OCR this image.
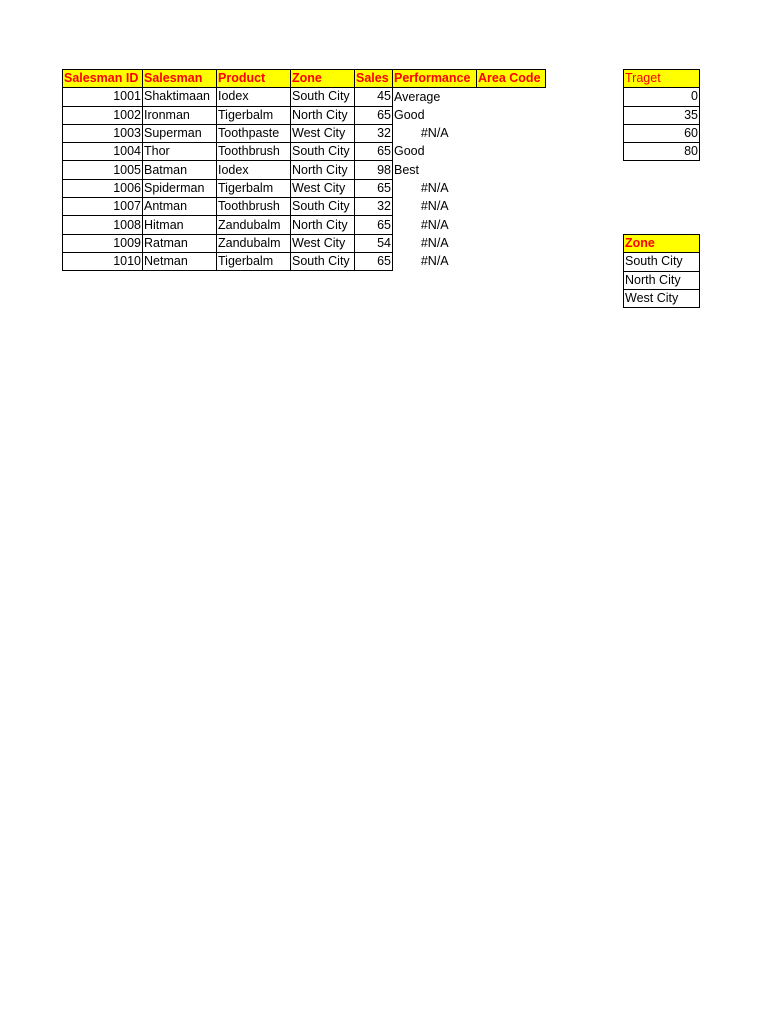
Salesman ID	Salesman	Product	Zone	Sales	Performance	Area Code
1001	Shaktimaan	Iodex	South City	45	Average	
1002	Ironman	Tigerbalm	North City	65	Good	
1003	Superman	Toothpaste	West City	32	#N/A	
1004	Thor	Toothbrush	South City	65	Good	
1005	Batman	Iodex	North City	98	Best	
1006	Spiderman	Tigerbalm	West City	65	#N/A	
1007	Antman	Toothbrush	South City	32	#N/A	
1008	Hitman	Zandubalm	North City	65	#N/A	
1009	Ratman	Zandubalm	West City	54	#N/A	
1010	Netman	Tigerbalm	South City	65	#N/A	
Traget
0
35
60
80
Zone
South City
North City
West City
